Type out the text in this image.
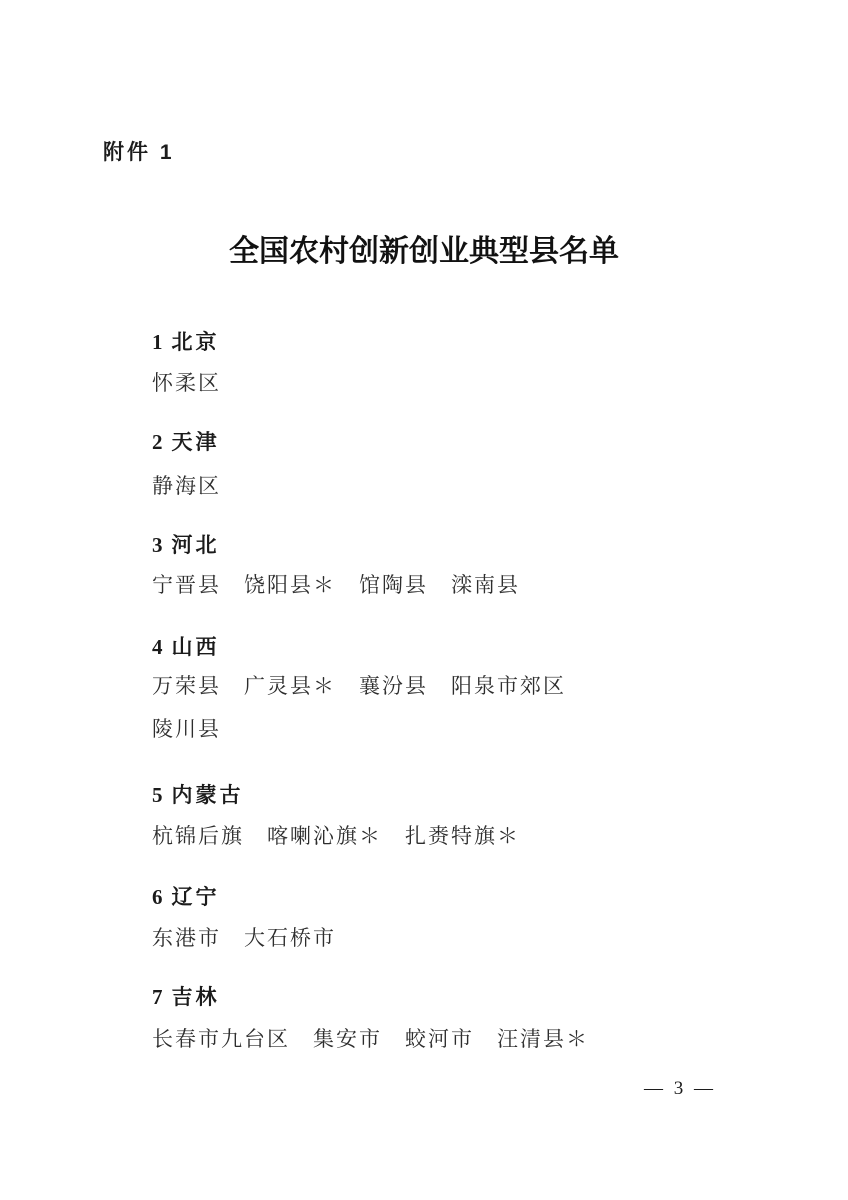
附件 1
全国农村创新创业典型县名单
1 北京
怀柔区
2 天津
静海区
3 河北
宁晋县　饶阳县＊　馆陶县　滦南县
4 山西
万荣县　广灵县＊　襄汾县　阳泉市郊区
陵川县
5 内蒙古
杭锦后旗　喀喇沁旗＊　扎赉特旗＊
6 辽宁
东港市　大石桥市
7 吉林
长春市九台区　集安市　蛟河市　汪清县＊
— 3 —
